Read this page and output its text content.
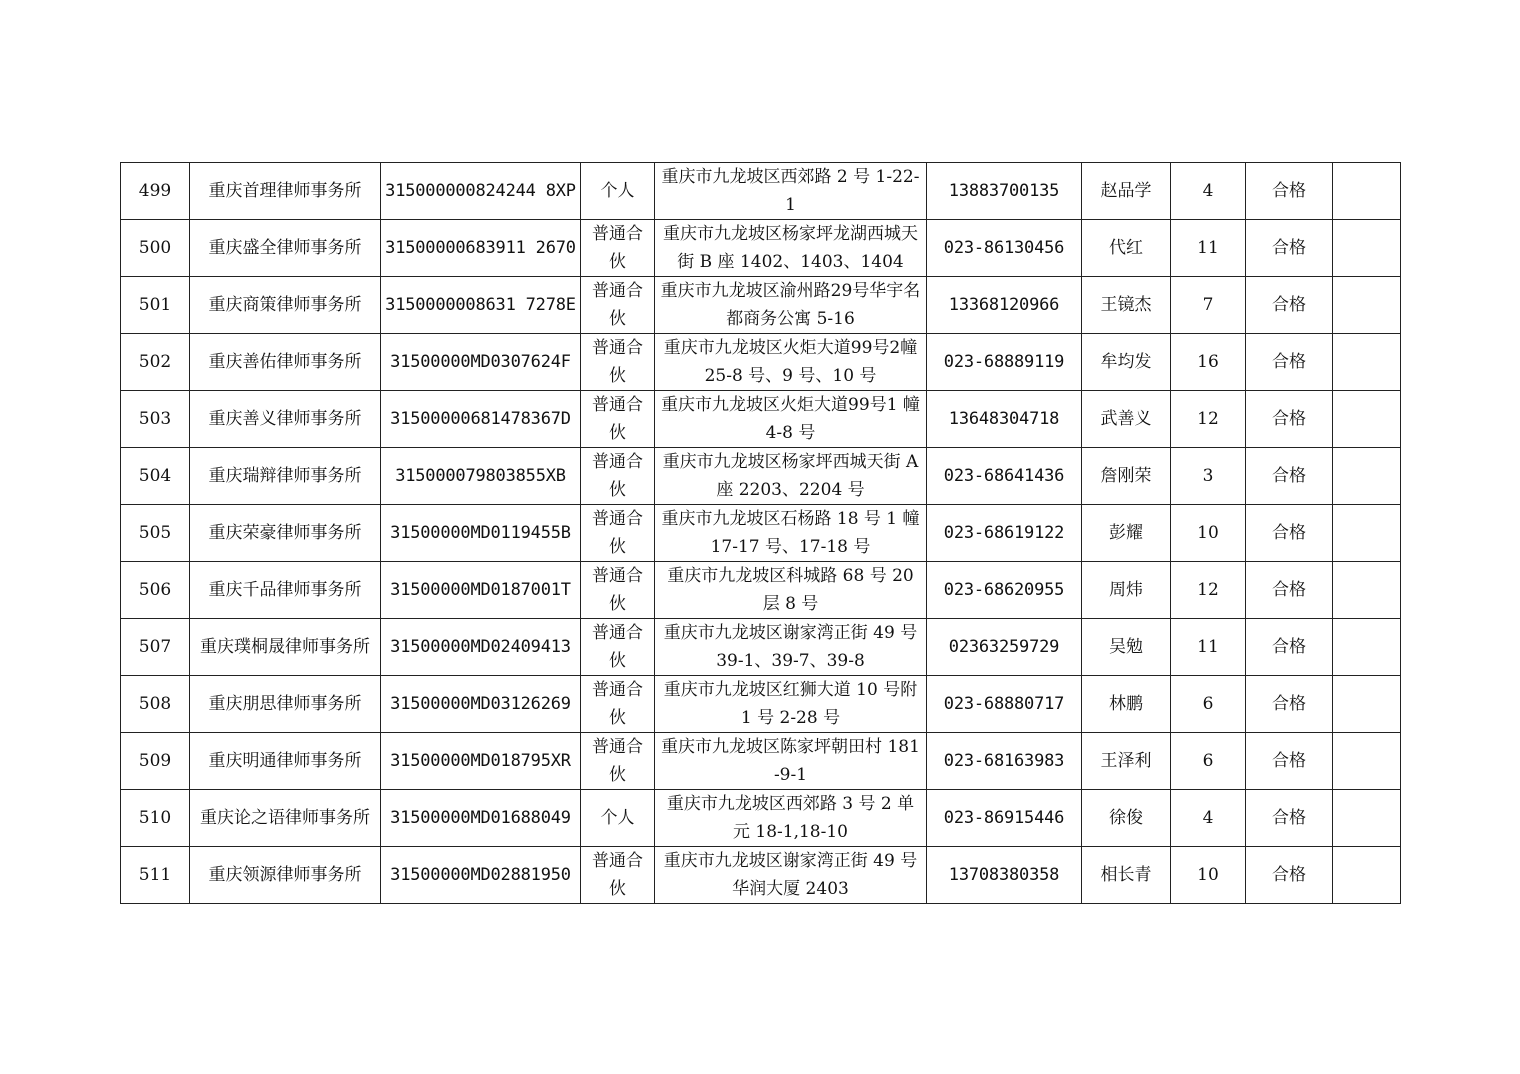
499	重庆首理律师事务所	315000000824244 8XP	个人	重庆市九龙坡区西郊路 2 号 1-22-1	13883700135	赵品学	4	合格	
500	重庆盛全律师事务所	31500000683911 2670	普通合伙	重庆市九龙坡区杨家坪龙湖西城天街 B 座 1402、1403、1404	023-86130456	代红	11	合格	
501	重庆商策律师事务所	3150000008631 7278E	普通合伙	重庆市九龙坡区渝州路29号华宇名都商务公寓 5-16	13368120966	王镜杰	7	合格	
502	重庆善佑律师事务所	31500000MD0307624F	普通合伙	重庆市九龙坡区火炬大道99号2幢 25-8 号、9 号、10 号	023-68889119	牟均发	16	合格	
503	重庆善义律师事务所	31500000681478367D	普通合伙	重庆市九龙坡区火炬大道99号1 幢 4-8 号	13648304718	武善义	12	合格	
504	重庆瑞辩律师事务所	315000079803855XB	普通合伙	重庆市九龙坡区杨家坪西城天街 A 座 2203、2204 号	023-68641436	詹刚荣	3	合格	
505	重庆荣豪律师事务所	31500000MD0119455B	普通合伙	重庆市九龙坡区石杨路 18 号 1 幢 17-17 号、17-18 号	023-68619122	彭耀	10	合格	
506	重庆千品律师事务所	31500000MD0187001T	普通合伙	重庆市九龙坡区科城路 68 号 20 层 8 号	023-68620955	周炜	12	合格	
507	重庆璞桐晟律师事务所	31500000MD02409413	普通合伙	重庆市九龙坡区谢家湾正街 49 号 39-1、39-7、39-8	02363259729	吴勉	11	合格	
508	重庆朋思律师事务所	31500000MD03126269	普通合伙	重庆市九龙坡区红狮大道 10 号附 1 号 2-28 号	023-68880717	林鹏	6	合格	
509	重庆明通律师事务所	31500000MD018795XR	普通合伙	重庆市九龙坡区陈家坪朝田村 181-9-1	023-68163983	王泽利	6	合格	
510	重庆论之语律师事务所	31500000MD01688049	个人	重庆市九龙坡区西郊路 3 号 2 单元 18-1,18-10	023-86915446	徐俊	4	合格	
511	重庆领源律师事务所	31500000MD02881950	普通合伙	重庆市九龙坡区谢家湾正街 49 号华润大厦 2403	13708380358	相长青	10	合格	
